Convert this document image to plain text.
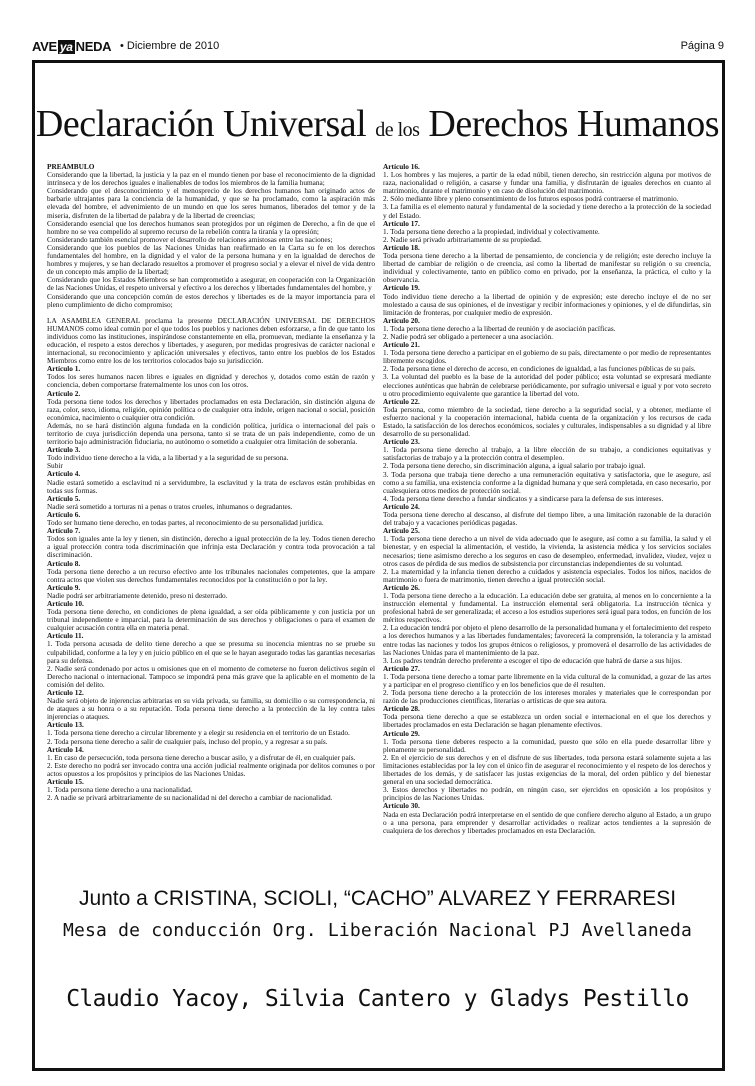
AVE ya NEDA • Diciembre de 2010	Página 9
Declaración Universal de los Derechos Humanos

PREÁMBULO

Considerando que la libertad, la justicia y la paz en el mundo tienen por base el reconocimiento de la dignidad intrínseca y de los derechos iguales e inalienables de todos los miembros de la familia humana;

Considerando que el desconocimiento y el menosprecio de los derechos humanos han originado actos de barbarie ultrajantes para la conciencia de la humanidad, y que se ha proclamado, como la aspiración más elevada del hombre, el advenimiento de un mundo en que los seres humanos, liberados del temor y de la miseria, disfruten de la libertad de palabra y de la libertad de creencias;

Considerando esencial que los derechos humanos sean protegidos por un régimen de Derecho, a fin de que el hombre no se vea compelido al supremo recurso de la rebelión contra la tiranía y la opresión;

Considerando también esencial promover el desarrollo de relaciones amistosas entre las naciones;

Considerando que los pueblos de las Naciones Unidas han reafirmado en la Carta su fe en los derechos fundamentales del hombre, en la dignidad y el valor de la persona humana y en la igualdad de derechos de hombres y mujeres, y se han declarado resueltos a promover el progreso social y a elevar el nivel de vida dentro de un concepto más amplio de la libertad;

Considerando que los Estados Miembros se han comprometido a asegurar, en cooperación con la Organización de las Naciones Unidas, el respeto universal y efectivo a los derechos y libertades fundamentales del hombre, y

Considerando que una concepción común de estos derechos y libertades es de la mayor importancia para el pleno cumplimiento de dicho compromiso;

LA ASAMBLEA GENERAL proclama la presente DECLARACIÓN UNIVERSAL DE DERECHOS HUMANOS como ideal común por el que todos los pueblos y naciones deben esforzarse, a fin de que tanto los individuos como las instituciones, inspirándose constantemente en ella, promuevan, mediante la enseñanza y la educación, el respeto a estos derechos y libertades, y aseguren, por medidas progresivas de carácter nacional e internacional, su reconocimiento y aplicación universales y efectivos, tanto entre los pueblos de los Estados Miembros como entre los de los territorios colocados bajo su jurisdicción.

Artículo 1.

Todos los seres humanos nacen libres e iguales en dignidad y derechos y, dotados como están de razón y conciencia, deben comportarse fraternalmente los unos con los otros.

Artículo 2.

Toda persona tiene todos los derechos y libertades proclamados en esta Declaración, sin distinción alguna de raza, color, sexo, idioma, religión, opinión política o de cualquier otra índole, origen nacional o social, posición económica, nacimiento o cualquier otra condición.

Además, no se hará distinción alguna fundada en la condición política, jurídica o internacional del país o territorio de cuya jurisdicción dependa una persona, tanto si se trata de un país independiente, como de un territorio bajo administración fiduciaria, no autónomo o sometido a cualquier otra limitación de soberanía.

Artículo 3.

Todo individuo tiene derecho a la vida, a la libertad y a la seguridad de su persona.

Subir

Artículo 4.

Nadie estará sometido a esclavitud ni a servidumbre, la esclavitud y la trata de esclavos están prohibidas en todas sus formas.

Artículo 5.

Nadie será sometido a torturas ni a penas o tratos crueles, inhumanos o degradantes.

Artículo 6.

Todo ser humano tiene derecho, en todas partes, al reconocimiento de su personalidad jurídica.

Artículo 7.

Todos son iguales ante la ley y tienen, sin distinción, derecho a igual protección de la ley. Todos tienen derecho a igual protección contra toda discriminación que infrinja esta Declaración y contra toda provocación a tal discriminación.

Artículo 8.

Toda persona tiene derecho a un recurso efectivo ante los tribunales nacionales competentes, que la ampare contra actos que violen sus derechos fundamentales reconocidos por la constitución o por la ley.

Artículo 9.

Nadie podrá ser arbitrariamente detenido, preso ni desterrado.

Artículo 10.

Toda persona tiene derecho, en condiciones de plena igualdad, a ser oída públicamente y con justicia por un tribunal independiente e imparcial, para la determinación de sus derechos y obligaciones o para el examen de cualquier acusación contra ella en materia penal.

Artículo 11.

1. Toda persona acusada de delito tiene derecho a que se presuma su inocencia mientras no se pruebe su culpabilidad, conforme a la ley y en juicio público en el que se le hayan asegurado todas las garantías necesarias para su defensa.

2. Nadie será condenado por actos u omisiones que en el momento de cometerse no fueron delictivos según el Derecho nacional o internacional. Tampoco se impondrá pena más grave que la aplicable en el momento de la comisión del delito.

Artículo 12.

Nadie será objeto de injerencias arbitrarias en su vida privada, su familia, su domicilio o su correspondencia, ni de ataques a su honra o a su reputación. Toda persona tiene derecho a la protección de la ley contra tales injerencias o ataques.

Artículo 13.

1. Toda persona tiene derecho a circular libremente y a elegir su residencia en el territorio de un Estado.

2. Toda persona tiene derecho a salir de cualquier país, incluso del propio, y a regresar a su país.

Artículo 14.

1. En caso de persecución, toda persona tiene derecho a buscar asilo, y a disfrutar de él, en cualquier país.

2. Este derecho no podrá ser invocado contra una acción judicial realmente originada por delitos comunes o por actos opuestos a los propósitos y principios de las Naciones Unidas.

Artículo 15.

1. Toda persona tiene derecho a una nacionalidad.

2. A nadie se privará arbitrariamente de su nacionalidad ni del derecho a cambiar de nacionalidad.

Artículo 16.

1. Los hombres y las mujeres, a partir de la edad núbil, tienen derecho, sin restricción alguna por motivos de raza, nacionalidad o religión, a casarse y fundar una familia, y disfrutarán de iguales derechos en cuanto al matrimonio, durante el matrimonio y en caso de disolución del matrimonio.

2. Sólo mediante libre y pleno consentimiento de los futuros esposos podrá contraerse el matrimonio.

3. La familia es el elemento natural y fundamental de la sociedad y tiene derecho a la protección de la sociedad y del Estado.

Artículo 17.

1. Toda persona tiene derecho a la propiedad, individual y colectivamente.

2. Nadie será privado arbitrariamente de su propiedad.

Artículo 18.

Toda persona tiene derecho a la libertad de pensamiento, de conciencia y de religión; este derecho incluye la libertad de cambiar de religión o de creencia, así como la libertad de manifestar su religión o su creencia, individual y colectivamente, tanto en público como en privado, por la enseñanza, la práctica, el culto y la observancia.

Artículo 19.

Todo individuo tiene derecho a la libertad de opinión y de expresión; este derecho incluye el de no ser molestado a causa de sus opiniones, el de investigar y recibir informaciones y opiniones, y el de difundirlas, sin limitación de fronteras, por cualquier medio de expresión.

Artículo 20.

1. Toda persona tiene derecho a la libertad de reunión y de asociación pacíficas.

2. Nadie podrá ser obligado a pertenecer a una asociación.

Artículo 21.

1. Toda persona tiene derecho a participar en el gobierno de su país, directamente o por medio de representantes libremente escogidos.

2. Toda persona tiene el derecho de acceso, en condiciones de igualdad, a las funciones públicas de su país.

3. La voluntad del pueblo es la base de la autoridad del poder público; esta voluntad se expresará mediante elecciones auténticas que habrán de celebrarse periódicamente, por sufragio universal e igual y por voto secreto u otro procedimiento equivalente que garantice la libertad del voto.

Artículo 22.

Toda persona, como miembro de la sociedad, tiene derecho a la seguridad social, y a obtener, mediante el esfuerzo nacional y la cooperación internacional, habida cuenta de la organización y los recursos de cada Estado, la satisfacción de los derechos económicos, sociales y culturales, indispensables a su dignidad y al libre desarrollo de su personalidad.

Artículo 23.

1. Toda persona tiene derecho al trabajo, a la libre elección de su trabajo, a condiciones equitativas y satisfactorias de trabajo y a la protección contra el desempleo.

2. Toda persona tiene derecho, sin discriminación alguna, a igual salario por trabajo igual.

3. Toda persona que trabaja tiene derecho a una remuneración equitativa y satisfactoria, que le asegure, así como a su familia, una existencia conforme a la dignidad humana y que será completada, en caso necesario, por cualesquiera otros medios de protección social.

4. Toda persona tiene derecho a fundar sindicatos y a sindicarse para la defensa de sus intereses.

Artículo 24.

Toda persona tiene derecho al descanso, al disfrute del tiempo libre, a una limitación razonable de la duración del trabajo y a vacaciones periódicas pagadas.

Artículo 25.

1. Toda persona tiene derecho a un nivel de vida adecuado que le asegure, así como a su familia, la salud y el bienestar, y en especial la alimentación, el vestido, la vivienda, la asistencia médica y los servicios sociales necesarios; tiene asimismo derecho a los seguros en caso de desempleo, enfermedad, invalidez, viudez, vejez u otros casos de pérdida de sus medios de subsistencia por circunstancias independientes de su voluntad.

2. La maternidad y la infancia tienen derecho a cuidados y asistencia especiales. Todos los niños, nacidos de matrimonio o fuera de matrimonio, tienen derecho a igual protección social.

Artículo 26.

1. Toda persona tiene derecho a la educación. La educación debe ser gratuita, al menos en lo concerniente a la instrucción elemental y fundamental. La instrucción elemental será obligatoria. La instrucción técnica y profesional habrá de ser generalizada; el acceso a los estudios superiores será igual para todos, en función de los méritos respectivos.

2. La educación tendrá por objeto el pleno desarrollo de la personalidad humana y el fortalecimiento del respeto a los derechos humanos y a las libertades fundamentales; favorecerá la comprensión, la tolerancia y la amistad entre todas las naciones y todos los grupos étnicos o religiosos, y promoverá el desarrollo de las actividades de las Naciones Unidas para el mantenimiento de la paz.

3. Los padres tendrán derecho preferente a escoger el tipo de educación que habrá de darse a sus hijos.

Artículo 27.

1. Toda persona tiene derecho a tomar parte libremente en la vida cultural de la comunidad, a gozar de las artes y a participar en el progreso científico y en los beneficios que de él resulten.

2. Toda persona tiene derecho a la protección de los intereses morales y materiales que le correspondan por razón de las producciones científicas, literarias o artísticas de que sea autora.

Artículo 28.

Toda persona tiene derecho a que se establezca un orden social e internacional en el que los derechos y libertades proclamados en esta Declaración se hagan plenamente efectivos.

Artículo 29.

1. Toda persona tiene deberes respecto a la comunidad, puesto que sólo en ella puede desarrollar libre y plenamente su personalidad.

2. En el ejercicio de sus derechos y en el disfrute de sus libertades, toda persona estará solamente sujeta a las limitaciones establecidas por la ley con el único fin de asegurar el reconocimiento y el respeto de los derechos y libertades de los demás, y de satisfacer las justas exigencias de la moral, del orden público y del bienestar general en una sociedad democrática.

3. Estos derechos y libertades no podrán, en ningún caso, ser ejercidos en oposición a los propósitos y principios de las Naciones Unidas.

Artículo 30.

Nada en esta Declaración podrá interpretarse en el sentido de que confiere derecho alguno al Estado, a un grupo o a una persona, para emprender y desarrollar actividades o realizar actos tendientes a la supresión de cualquiera de los derechos y libertades proclamados en esta Declaración.

Junto a CRISTINA, SCIOLI, “CACHO” ALVAREZ Y FERRARESI
Mesa de conducción Org. Liberación Nacional PJ Avellaneda
Claudio Yacoy, Silvia Cantero y Gladys Pestillo
